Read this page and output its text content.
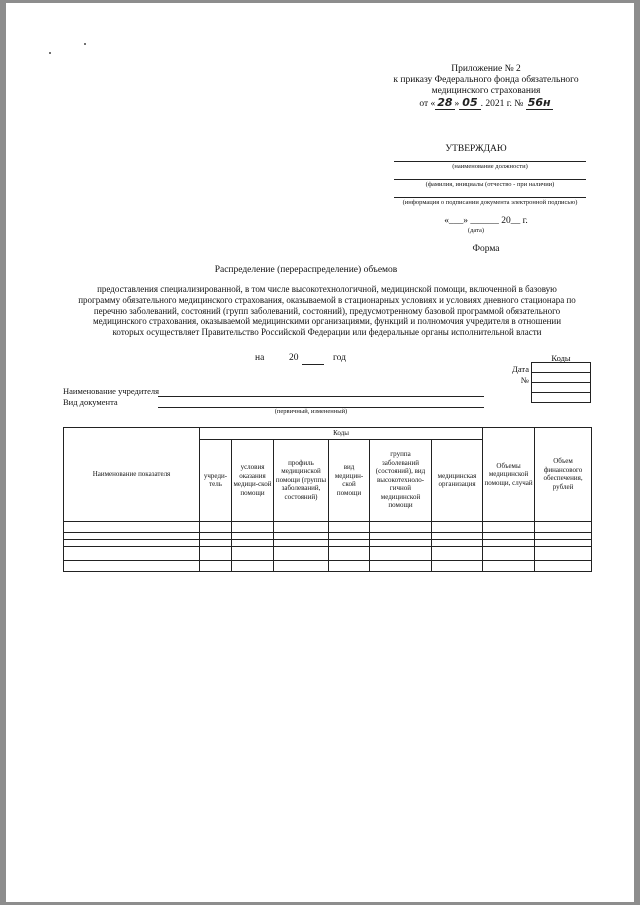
Приложение № 2
к приказу Федерального фонда обязательного
медицинского страхования
от « 28 » 05 . 2021 г. № 56н
УТВЕРЖДАЮ
(наименование должности)
(фамилия, инициалы (отчество - при наличии)
(информация о подписании документа электронной подписью)
«___» ______ 20__ г.
(дата)
Форма
Распределение (перераспределение) объемов
предоставления специализированной, в том числе высокотехнологичной, медицинской помощи, включенной в базовую
программу обязательного медицинского страхования, оказываемой в стационарных условиях и условиях дневного стационара по
перечню заболеваний, состояний (групп заболеваний, состояний), предусмотренному базовой программой обязательного
медицинского страхования, оказываемой медицинскими организациями, функций и полномочия учредителя в отношении
которых осуществляет Правительство Российской Федерации или федеральные органы исполнительной власти
на	20	год	Коды

Дата
№
Наименование учредителя
Вид документа
(первичный, измененный)
Наименование показателя	Коды						Объемы медицинской помощи, случай	Объем финансового обеспечения, рублей
	учреди-тель	условия оказания медици-ской помощи	профиль медицинской помощи (группы заболеваний, состояний)	вид медицин-ской помощи	группа заболеваний (состояний), вид высокотехноло-гичной медицинской помощи	медицинская организация		
